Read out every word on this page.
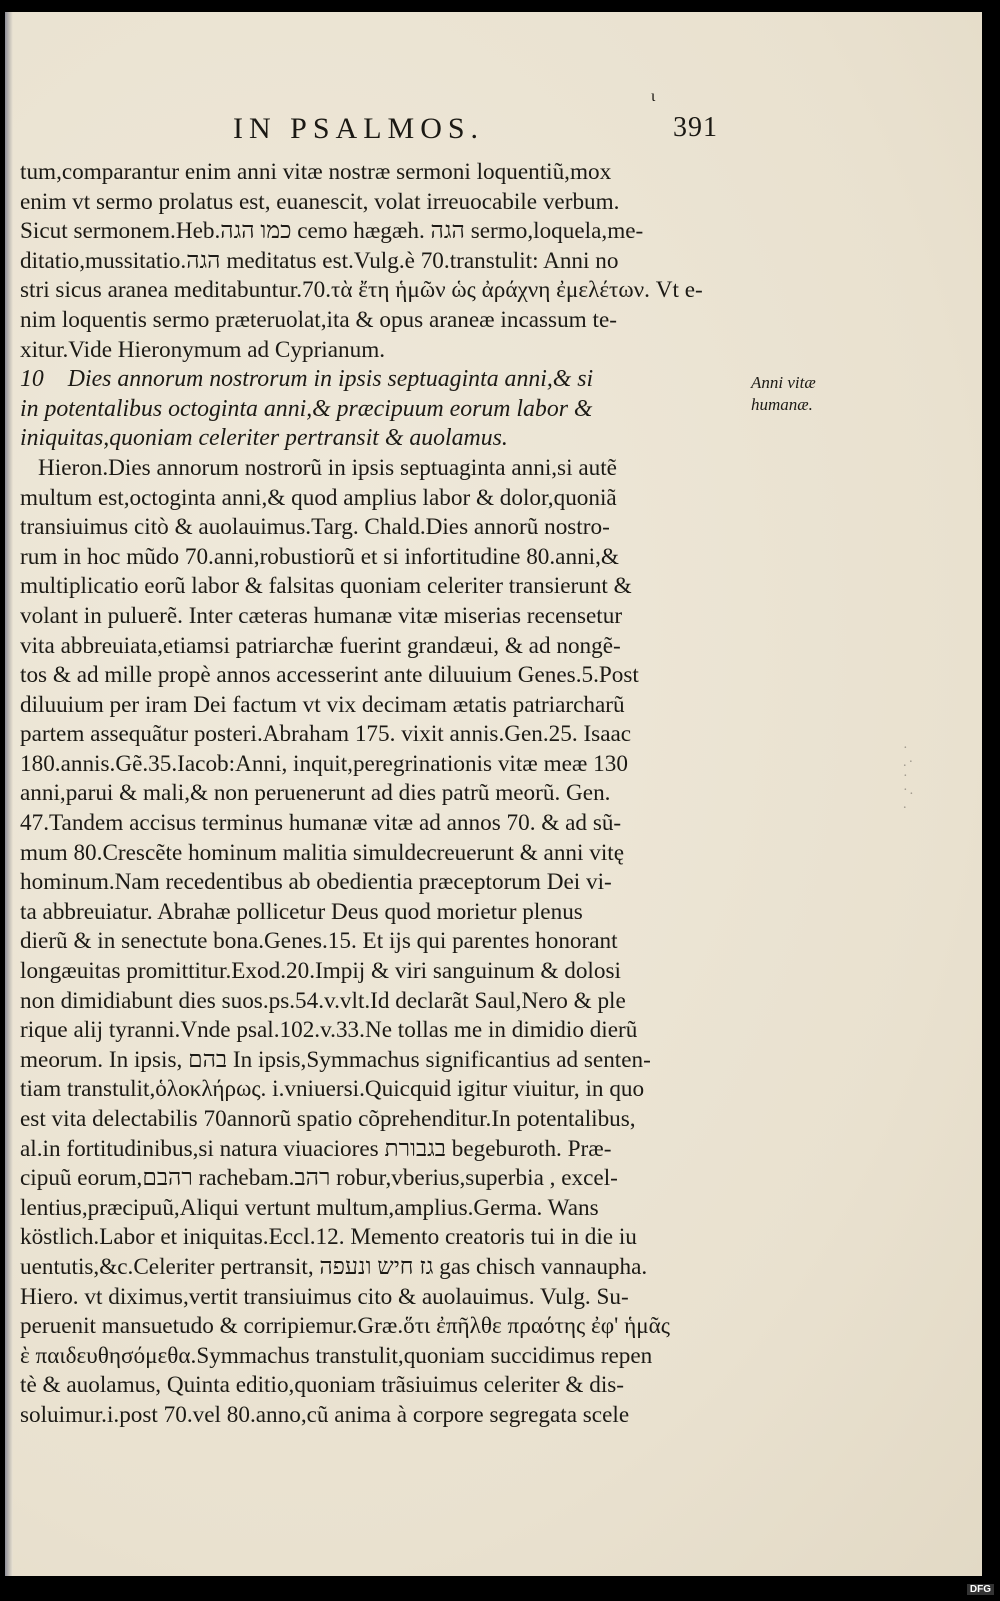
ι
IN PSALMOS.	391
tum,comparantur enim anni vitæ nostræ sermoni loquentiũ,mox
enim vt sermo prolatus est, euanescit, volat irreuocabile verbum.
Sicut sermonem.Heb.כמו הגה cemo hægæh. הגה sermo,loquela,me-
ditatio,mussitatio.הגה meditatus est.Vulg.è 70.transtulit: Anni no
stri sicus aranea meditabuntur.70.τὰ ἔτη ἡμῶν ὡς ἀράχνη ἐμελέτων. Vt e-
nim loquentis sermo præteruolat,ita & opus araneæ incassum te-
xitur.Vide Hieronymum ad Cyprianum.
10 Dies annorum nostrorum in ipsis septuaginta anni,& si
in potentalibus octoginta anni,& præcipuum eorum labor &
iniquitas,quoniam celeriter pertransit & auolamus.
Hieron.Dies annorum nostrorũ in ipsis septuaginta anni,si autẽ
multum est,octoginta anni,& quod amplius labor & dolor,quoniã
transiuimus citò & auolauimus.Targ. Chald.Dies annorũ nostro-
rum in hoc mũdo 70.anni,robustiorũ et si infortitudine 80.anni,&
multiplicatio eorũ labor & falsitas quoniam celeriter transierunt &
volant in puluerẽ. Inter cæteras humanæ vitæ miserias recensetur
vita abbreuiata,etiamsi patriarchæ fuerint grandæui, & ad nongẽ-
tos & ad mille propè annos accesserint ante diluuium Genes.5.Post
diluuium per iram Dei factum vt vix decimam ætatis patriarcharũ
partem assequãtur posteri.Abraham 175. vixit annis.Gen.25. Isaac
180.annis.Gẽ.35.Iacob:Anni, inquit,peregrinationis vitæ meæ 130
anni,parui & mali,& non peruenerunt ad dies patrũ meorũ. Gen.
47.Tandem accisus terminus humanæ vitæ ad annos 70. & ad sũ-
mum 80.Crescẽte hominum malitia simuldecreuerunt & anni vitę
hominum.Nam recedentibus ab obedientia præceptorum Dei vi-
ta abbreuiatur. Abrahæ pollicetur Deus quod morietur plenus
dierũ & in senectute bona.Genes.15. Et ijs qui parentes honorant
longæuitas promittitur.Exod.20.Impij & viri sanguinum & dolosi
non dimidiabunt dies suos.ps.54.v.vlt.Id declarãt Saul,Nero & ple
rique alij tyranni.Vnde psal.102.v.33.Ne tollas me in dimidio dierũ
meorum. In ipsis, בהם In ipsis,Symmachus significantius ad senten-
tiam transtulit,ὁλοκλήρως. i.vniuersi.Quicquid igitur viuitur, in quo
est vita delectabilis 70annorũ spatio cõprehenditur.In potentalibus,
al.in fortitudinibus,si natura viuaciores בגבורת begeburoth. Præ-
cipuũ eorum,רהבם rachebam.רהב robur,vberius,superbia , excel-
lentius,præcipuũ,Aliqui vertunt multum,amplius.Germa. Wans
köstlich.Labor et iniquitas.Eccl.12. Memento creatoris tui in die iu
uentutis,&c.Celeriter pertransit, גז חיש ונעפה gas chisch vannaupha.
Hiero. vt diximus,vertit transiuimus cito & auolauimus. Vulg. Su-
peruenit mansuetudo & corripiemur.Græ.ὅτι ἐπῆλθε πραότης ἐφ' ἡμᾶς
ὲ παιδευθησόμεθα.Symmachus transtulit,quoniam succidimus repen
tè & auolamus, Quinta editio,quoniam trãsiuimus celeriter & dis-
soluimur.i.post 70.vel 80.anno,cũ anima à corpore segregata scele
Anni vitæ
humanæ.
·
.·
·
·.
.
Digitalisierung gefördert durch die Deutsche Forschungsgemeinschaft · DFG
